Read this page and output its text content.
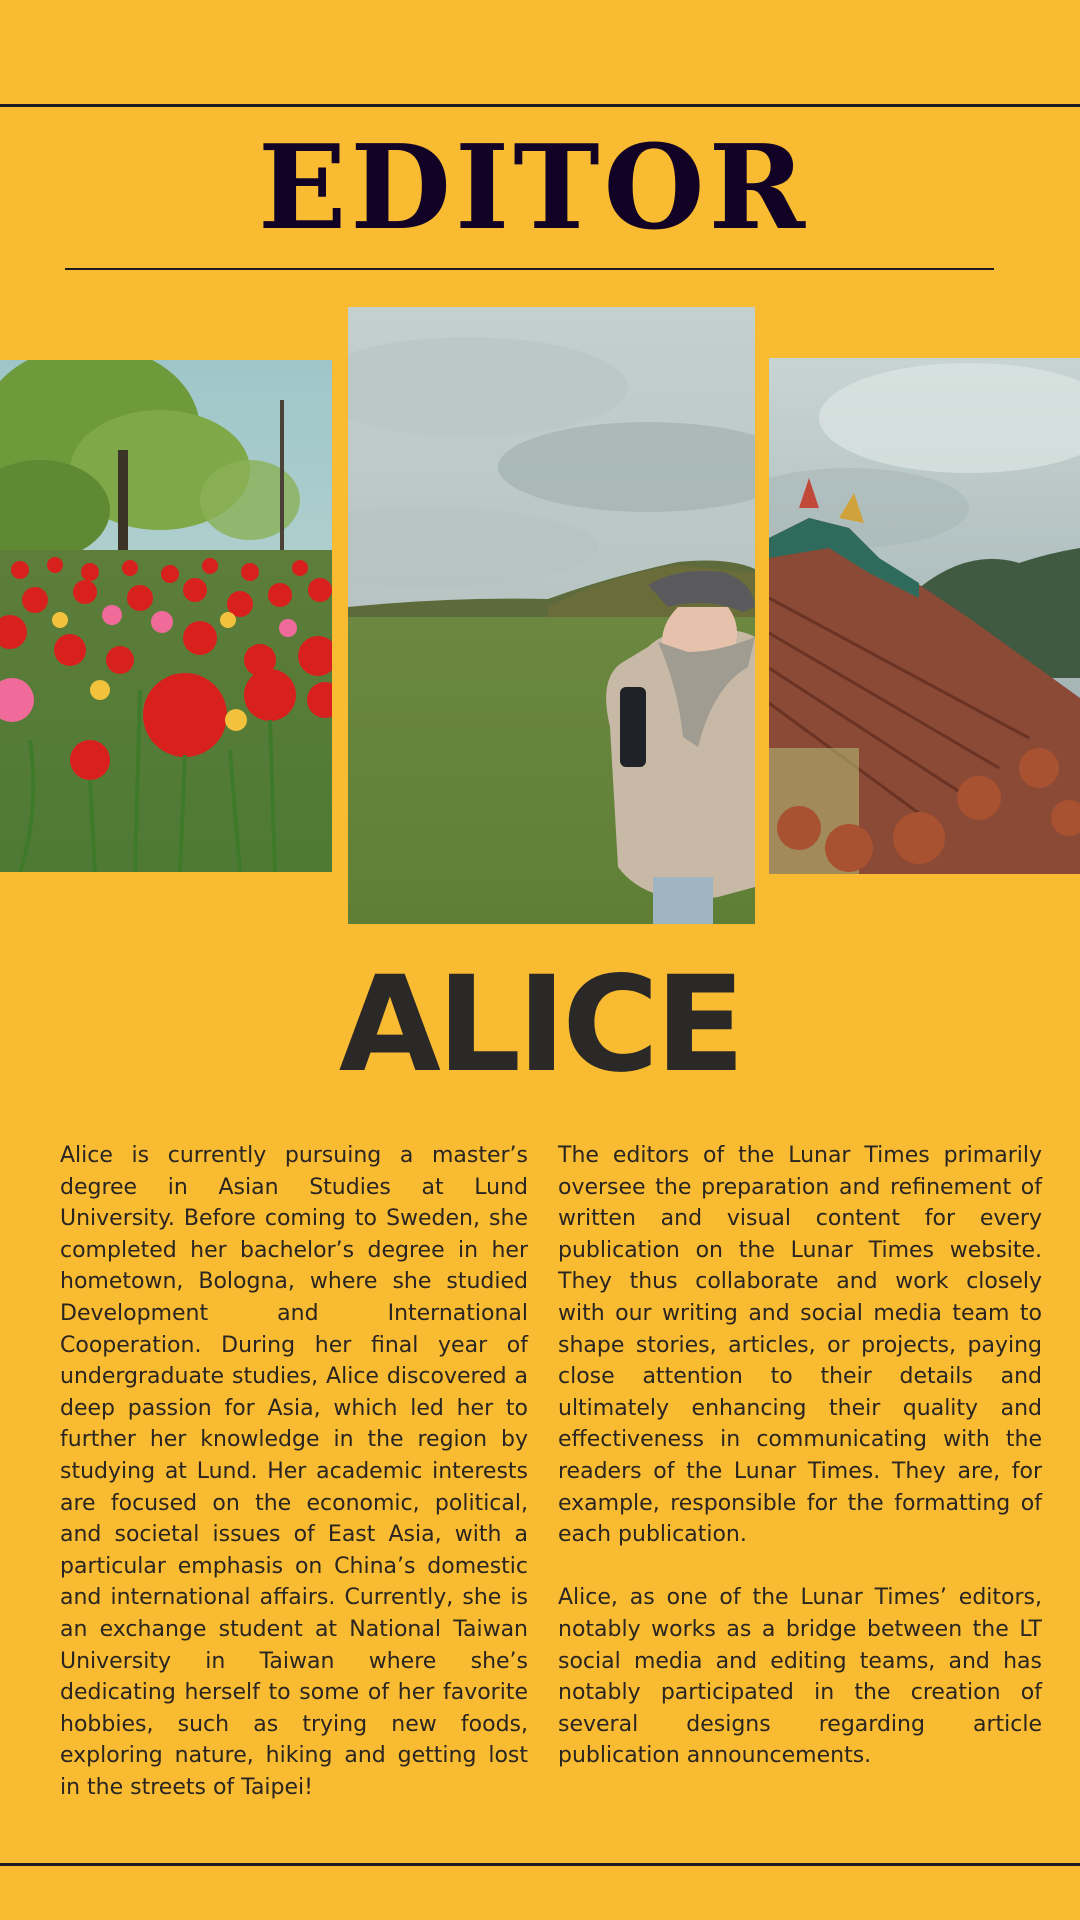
EDITOR
ALICE

Alice is currently pursuing a master’s degree in Asian Studies at Lund University. Before coming to Sweden, she completed her bachelor’s degree in her hometown, Bologna, where she studied Development and International Cooperation. During her final year of undergraduate studies, Alice discovered a deep passion for Asia, which led her to further her knowledge in the region by studying at Lund. Her academic interests are focused on the economic, political, and societal issues of East Asia, with a particular emphasis on China’s domestic and international affairs. Currently, she is an exchange student at National Taiwan University in Taiwan where she’s dedicating herself to some of her favorite hobbies, such as trying new foods, exploring nature, hiking and getting lost in the streets of Taipei!

The editors of the Lunar Times primarily oversee the preparation and refinement of written and visual content for every publication on the Lunar Times website. They thus collaborate and work closely with our writing and social media team to shape stories, articles, or projects, paying close attention to their details and ultimately enhancing their quality and effectiveness in communicating with the readers of the Lunar Times. They are, for example, responsible for the formatting of each publication.

Alice, as one of the Lunar Times’ editors, notably works as a bridge between the LT social media and editing teams, and has notably participated in the creation of several designs regarding article publication announcements.
